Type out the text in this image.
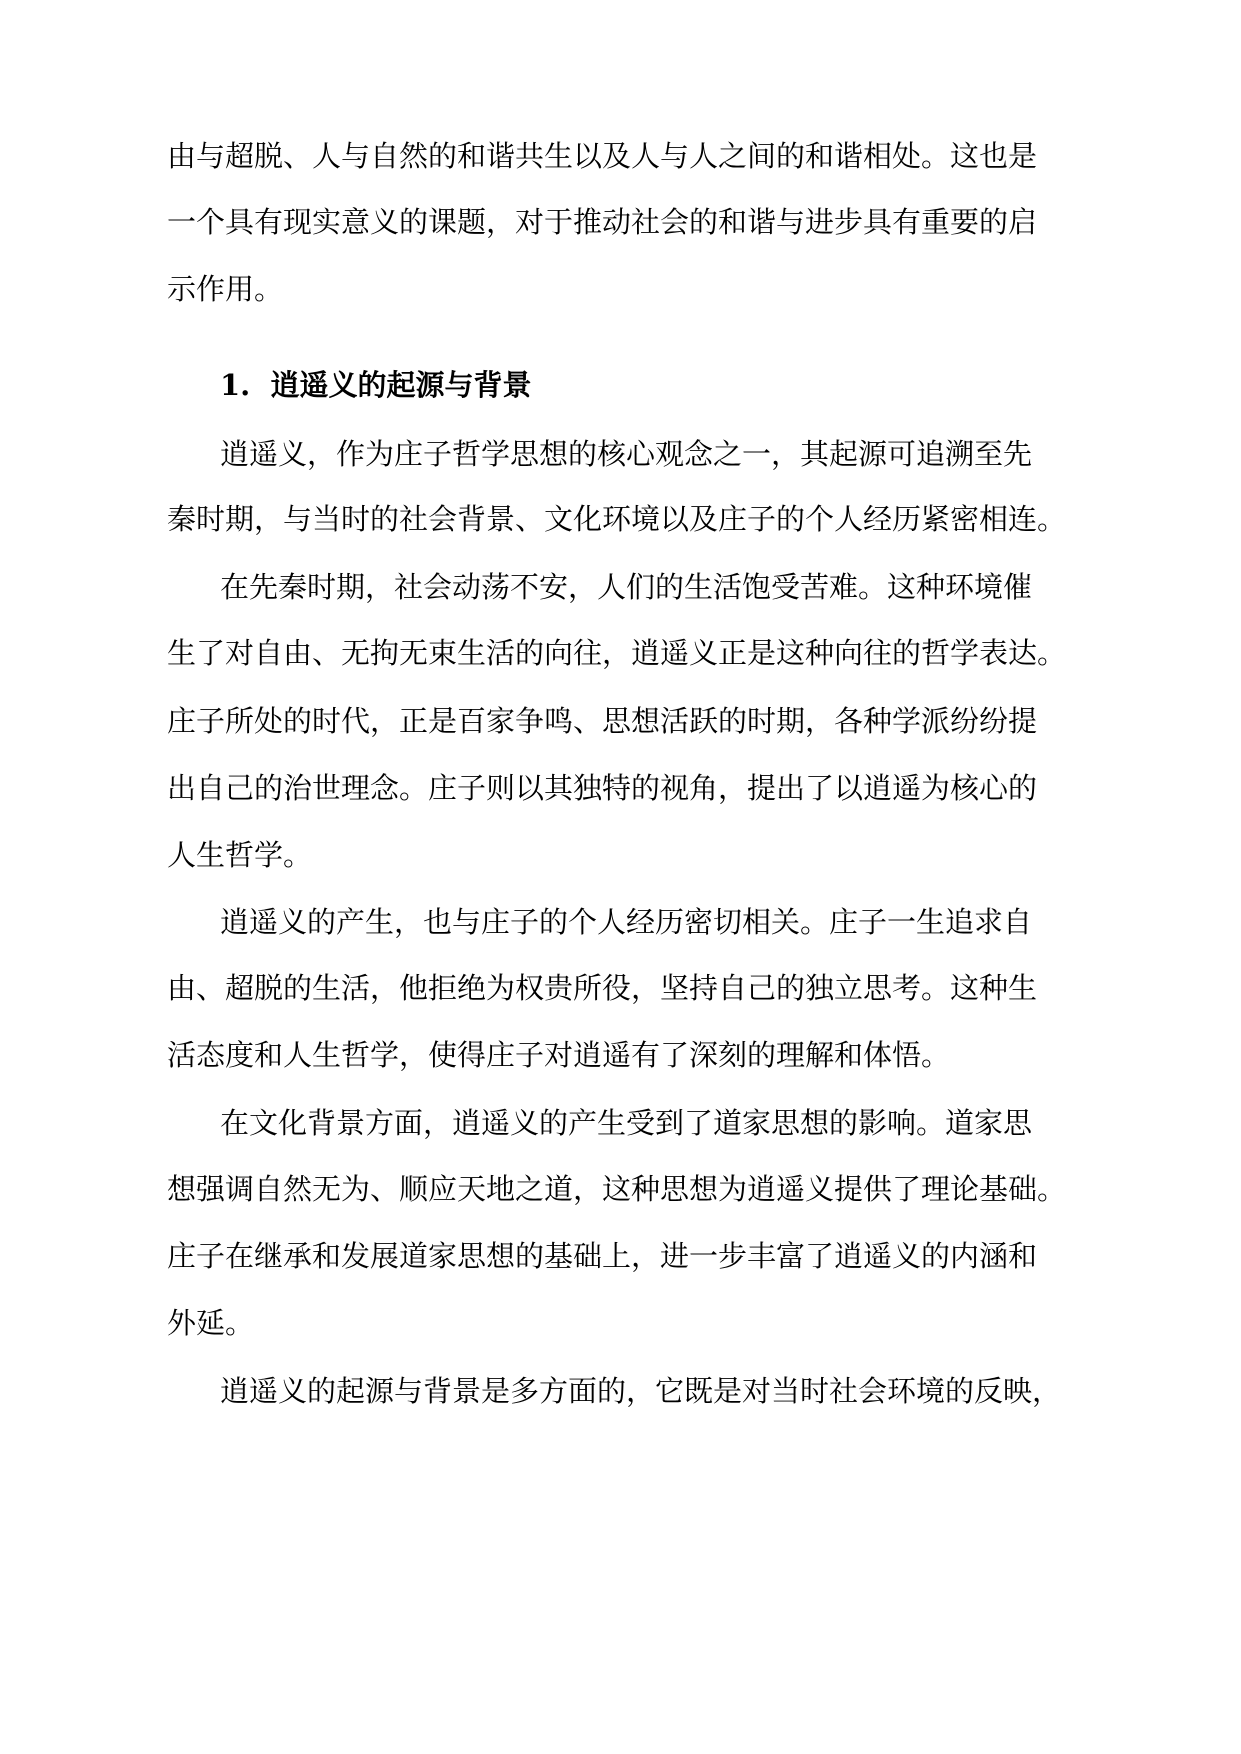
由与超脱、人与自然的和谐共生以及人与人之间的和谐相处。这也是
一个具有现实意义的课题，对于推动社会的和谐与进步具有重要的启
示作用。
1.  逍遥义的起源与背景
逍遥义，作为庄子哲学思想的核心观念之一，其起源可追溯至先
秦时期，与当时的社会背景、文化环境以及庄子的个人经历紧密相连。
在先秦时期，社会动荡不安，人们的生活饱受苦难。这种环境催
生了对自由、无拘无束生活的向往，逍遥义正是这种向往的哲学表达。
庄子所处的时代，正是百家争鸣、思想活跃的时期，各种学派纷纷提
出自己的治世理念。庄子则以其独特的视角，提出了以逍遥为核心的
人生哲学。
逍遥义的产生，也与庄子的个人经历密切相关。庄子一生追求自
由、超脱的生活，他拒绝为权贵所役，坚持自己的独立思考。这种生
活态度和人生哲学，使得庄子对逍遥有了深刻的理解和体悟。
在文化背景方面，逍遥义的产生受到了道家思想的影响。道家思
想强调自然无为、顺应天地之道，这种思想为逍遥义提供了理论基础。
庄子在继承和发展道家思想的基础上，进一步丰富了逍遥义的内涵和
外延。
逍遥义的起源与背景是多方面的，它既是对当时社会环境的反映，
